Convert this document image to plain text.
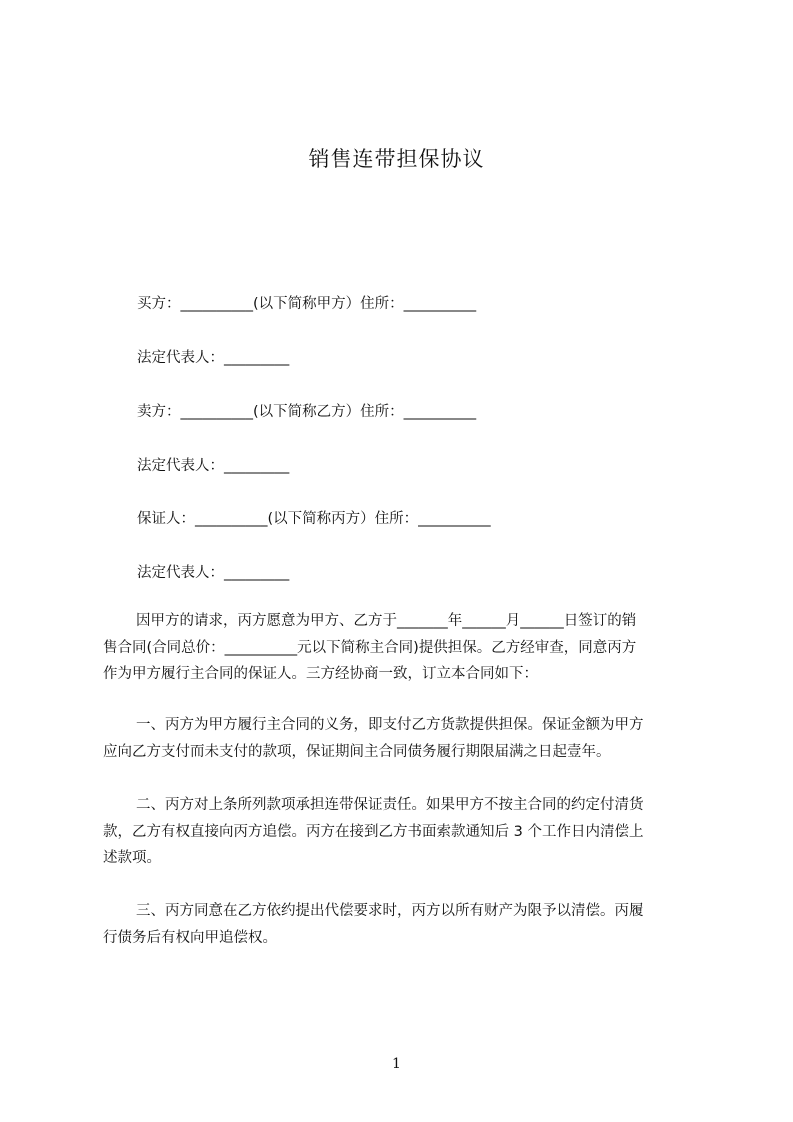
销售连带担保协议

买方：__________(以下简称甲方）住所：__________

法定代表人：_________

卖方：__________(以下简称乙方）住所：__________

法定代表人：_________

保证人：__________(以下简称丙方）住所：__________

法定代表人：_________

因甲方的请求，丙方愿意为甲方、乙方于_______年______月______日签订的销
售合同(合同总价：__________元以下简称主合同)提供担保。乙方经审查，同意丙方
作为甲方履行主合同的保证人。三方经协商一致，订立本合同如下：
一、丙方为甲方履行主合同的义务，即支付乙方货款提供担保。保证金额为甲方
应向乙方支付而未支付的款项，保证期间主合同债务履行期限届满之日起壹年。
二、丙方对上条所列款项承担连带保证责任。如果甲方不按主合同的约定付清货
款，乙方有权直接向丙方追偿。丙方在接到乙方书面索款通知后 3 个工作日内清偿上
述款项。
三、丙方同意在乙方依约提出代偿要求时，丙方以所有财产为限予以清偿。丙履
行债务后有权向甲追偿权。

1
